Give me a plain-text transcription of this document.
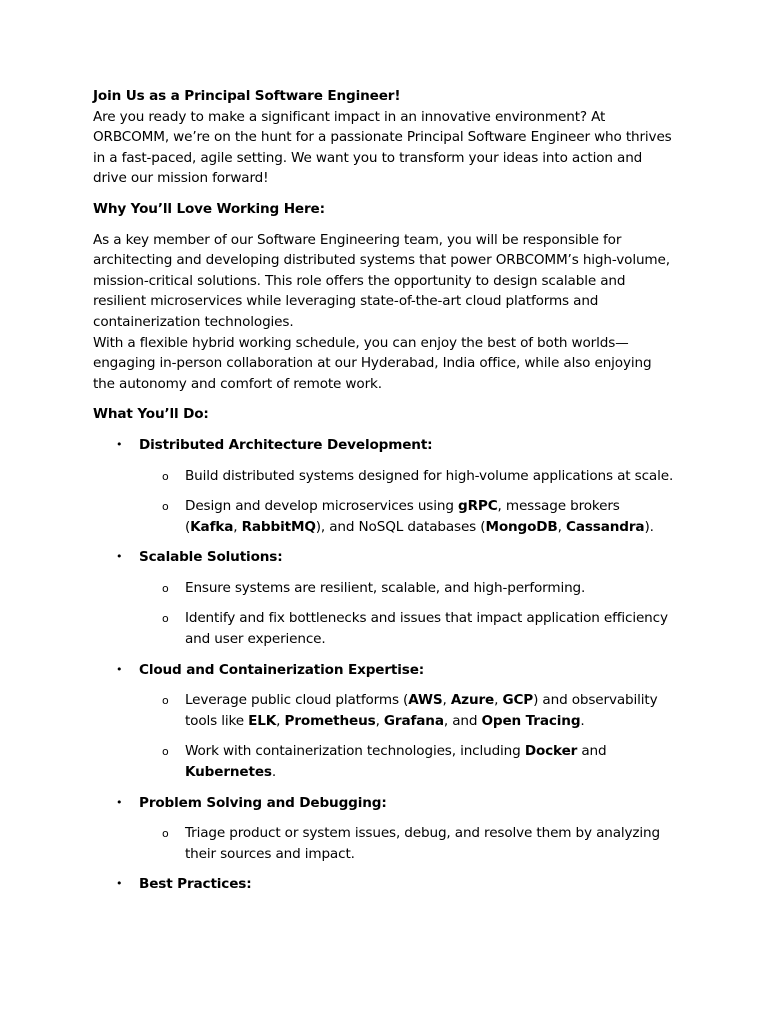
Join Us as a Principal Software Engineer!

Are you ready to make a significant impact in an innovative environment? At ORBCOMM, we’re on the hunt for a passionate Principal Software Engineer who thrives in a fast-paced, agile setting. We want you to transform your ideas into action and drive our mission forward!

Why You’ll Love Working Here:

As a key member of our Software Engineering team, you will be responsible for architecting and developing distributed systems that power ORBCOMM’s high-volume, mission-critical solutions. This role offers the opportunity to design scalable and resilient microservices while leveraging state-of-the-art cloud platforms and containerization technologies.

With a flexible hybrid working schedule, you can enjoy the best of both worlds—engaging in-person collaboration at our Hyderabad, India office, while also enjoying the autonomy and comfort of remote work.

What You’ll Do:

• Distributed Architecture Development:
o Build distributed systems designed for high-volume applications at scale.
o Design and develop microservices using gRPC, message brokers (Kafka, RabbitMQ), and NoSQL databases (MongoDB, Cassandra).
• Scalable Solutions:
o Ensure systems are resilient, scalable, and high-performing.
o Identify and fix bottlenecks and issues that impact application efficiency and user experience.
• Cloud and Containerization Expertise:
o Leverage public cloud platforms (AWS, Azure, GCP) and observability tools like ELK, Prometheus, Grafana, and Open Tracing.
o Work with containerization technologies, including Docker and Kubernetes.
• Problem Solving and Debugging:
o Triage product or system issues, debug, and resolve them by analyzing their sources and impact.
• Best Practices:
